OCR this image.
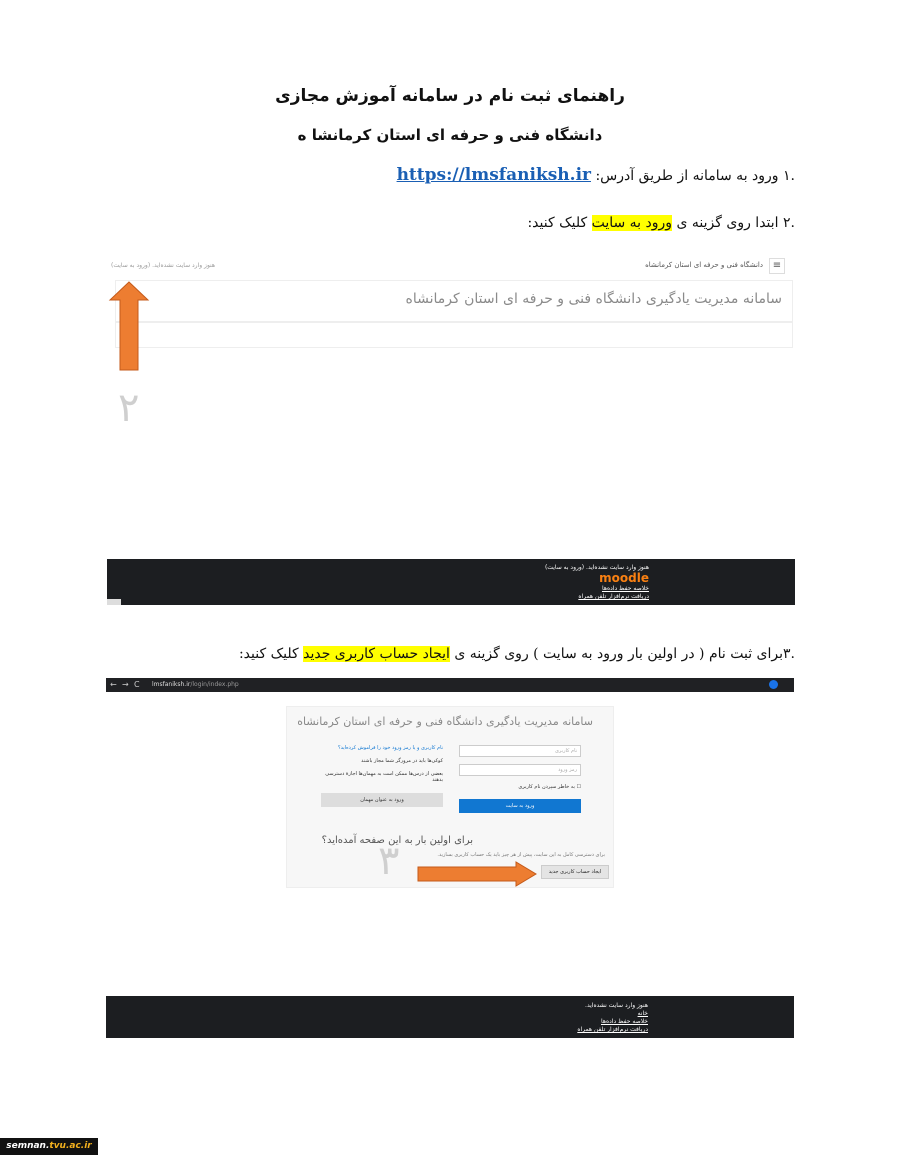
راهنمای ثبت نام در سامانه آموزش مجازی
دانشگاه فنی و حرفه ای استان کرمانشا ه
.۱ ورود به سامانه از طریق آدرس: https://lmsfaniksh.ir
.۲ ابتدا روی گزینه ی ورود به سایت کلیک کنید:
≡
دانشگاه فنی و حرفه ای استان کرمانشاه
هنوز وارد سایت نشده‌اید. (ورود به سایت)
سامانه مدیریت یادگیری دانشگاه فنی و حرفه ای استان کرمانشاه
۲
هنوز وارد سایت نشده‌اید. (ورود به سایت)
moodle
خلاصه حفظ داده‌ها
دریافت نرم‌افزار تلفن همراه
.۳برای ثبت نام ( در اولین بار ورود به سایت ) روی گزینه ی ایجاد حساب کاربری جدید کلیک کنید:
← → C lmsfaniksh.ir/login/index.php
سامانه مدیریت یادگیری دانشگاه فنی و حرفه ای استان کرمانشاه
نام کاربری
رمز ورود
☐ به خاطر سپردن نام کاربری
ورود به سایت
نام کاربری و یا رمز ورود خود را فراموش کرده‌اید؟
کوکی‌ها باید در مرورگر شما مجاز باشند
بعضی از درس‌ها ممکن است به مهمان‌ها اجازهٔ دسترسی بدهند
ورود به عنوان مهمان
برای اولین بار به این صفحه آمده‌اید؟
برای دسترسی کامل به این سایت، پیش از هر چیز باید یک حساب کاربری بسازید.
ایجاد حساب کاربری جدید
۳
هنوز وارد سایت نشده‌اید.
خانه
خلاصه حفظ داده‌ها
دریافت نرم‌افزار تلفن همراه
semnan.tvu.ac.ir
